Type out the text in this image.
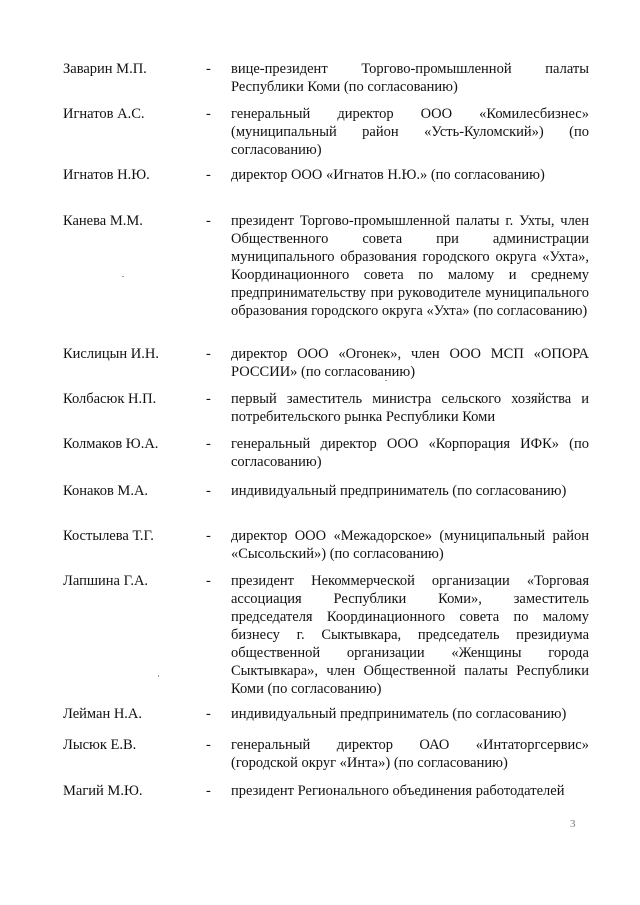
Заварин М.П.	- вице-президент Торгово-промышленной палаты Республики Коми (по согласованию)
Игнатов А.С.	- генеральный директор ООО «Комилесбизнес» (муниципальный район «Усть-Куломский») (по согласованию)
Игнатов Н.Ю.	- директор ООО «Игнатов Н.Ю.» (по согласованию)
Канева М.М.	- президент Торгово-промышленной палаты г. Ухты, член Общественного совета при администрации муниципального образования городского округа «Ухта», Координационного совета по малому и среднему предпринимательству при руководителе муниципального образования городского округа «Ухта» (по согласованию)
Кислицын И.Н.	- директор ООО «Огонек», член ООО МСП «ОПОРА РОССИИ» (по согласованию)
Колбасюк Н.П.	- первый заместитель министра сельского хозяйства и потребительского рынка Республики Коми
Колмаков Ю.А.	- генеральный директор ООО «Корпорация ИФК» (по согласованию)
Конаков М.А.	- индивидуальный предприниматель (по согласованию)
Костылева Т.Г.	- директор ООО «Межадорское» (муниципальный район «Сысольский») (по согласованию)
Лапшина Г.А.	- президент Некоммерческой организации «Торговая ассоциация Республики Коми», заместитель председателя Координационного совета по малому бизнесу г. Сыктывкара, председатель президиума общественной организации «Женщины города Сыктывкара», член Общественной палаты Республики Коми (по согласованию)
Лейман Н.А.	- индивидуальный предприниматель (по согласованию)
Лысюк Е.В.	- генеральный директор ОАО «Интаторгсервис» (городской округ «Инта») (по согласованию)
Магий М.Ю.	- президент Регионального объединения работодателей
3
